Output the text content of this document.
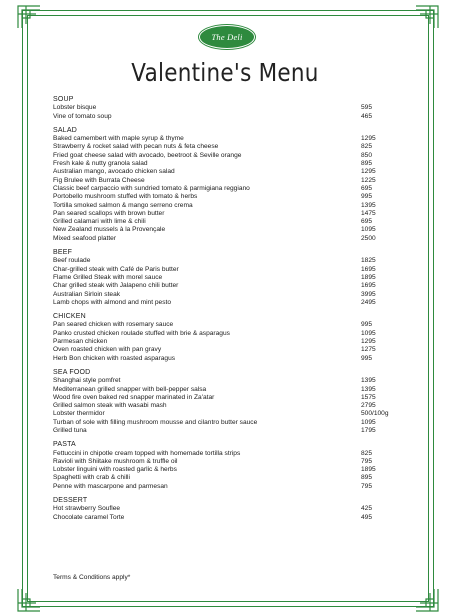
The Deli
Valentine's Menu
SOUP
Lobster bisque	595
Vine of tomato soup	465
SALAD
Baked camembert with maple syrup & thyme	1295
Strawberry & rocket salad with pecan nuts & feta cheese	825
Fried goat cheese salad with avocado, beetroot & Seville orange	850
Fresh kale & nutty granola salad	895
Australian mango, avocado chicken salad	1295
Fig Brulee with Burrata Cheese	1225
Classic beef carpaccio with sundried tomato & parmigiana reggiano	695
Portobello mushroom stuffed with tomato & herbs	995
Tortilla smoked salmon & mango serreno crema	1395
Pan seared scallops with brown butter	1475
Grilled calamari with lime & chili	695
New Zealand mussels à la Provençale	1095
Mixed seafood platter	2500
BEEF
Beef roulade	1825
Char-grilled steak with Café de Paris butter	1695
Flame Grilled Steak with morel sauce	1895
Char grilled steak with Jalapeno chili butter	1695
Australian Sirloin steak	3995
Lamb chops with almond and mint pesto	2495
CHICKEN
Pan seared chicken with rosemary sauce	995
Panko crusted chicken roulade stuffed with brie & asparagus	1095
Parmesan chicken	1295
Oven roasted chicken with pan gravy	1275
Herb Bon chicken with roasted asparagus	995
SEA FOOD
Shanghai style pomfret	1395
Mediterranean grilled snapper with bell-pepper salsa	1395
Wood fire oven baked red snapper marinated in Za'atar	1575
Grilled salmon steak with wasabi mash	2795
Lobster thermidor	500/100g
Turban of sole with filling mushroom mousse and cilantro butter sauce	1095
Grilled tuna	1795
PASTA
Fettuccini in chipotle cream topped with homemade tortilla strips	825
Ravioli with Shiitake mushroom & truffle oil	795
Lobster linguini with roasted garlic & herbs	1895
Spaghetti with crab & chilli	895
Penne with mascarpone and parmesan	795
DESSERT
Hot strawberry Souflee	425
Chocolate caramel Torte	495
Terms & Conditions apply*
